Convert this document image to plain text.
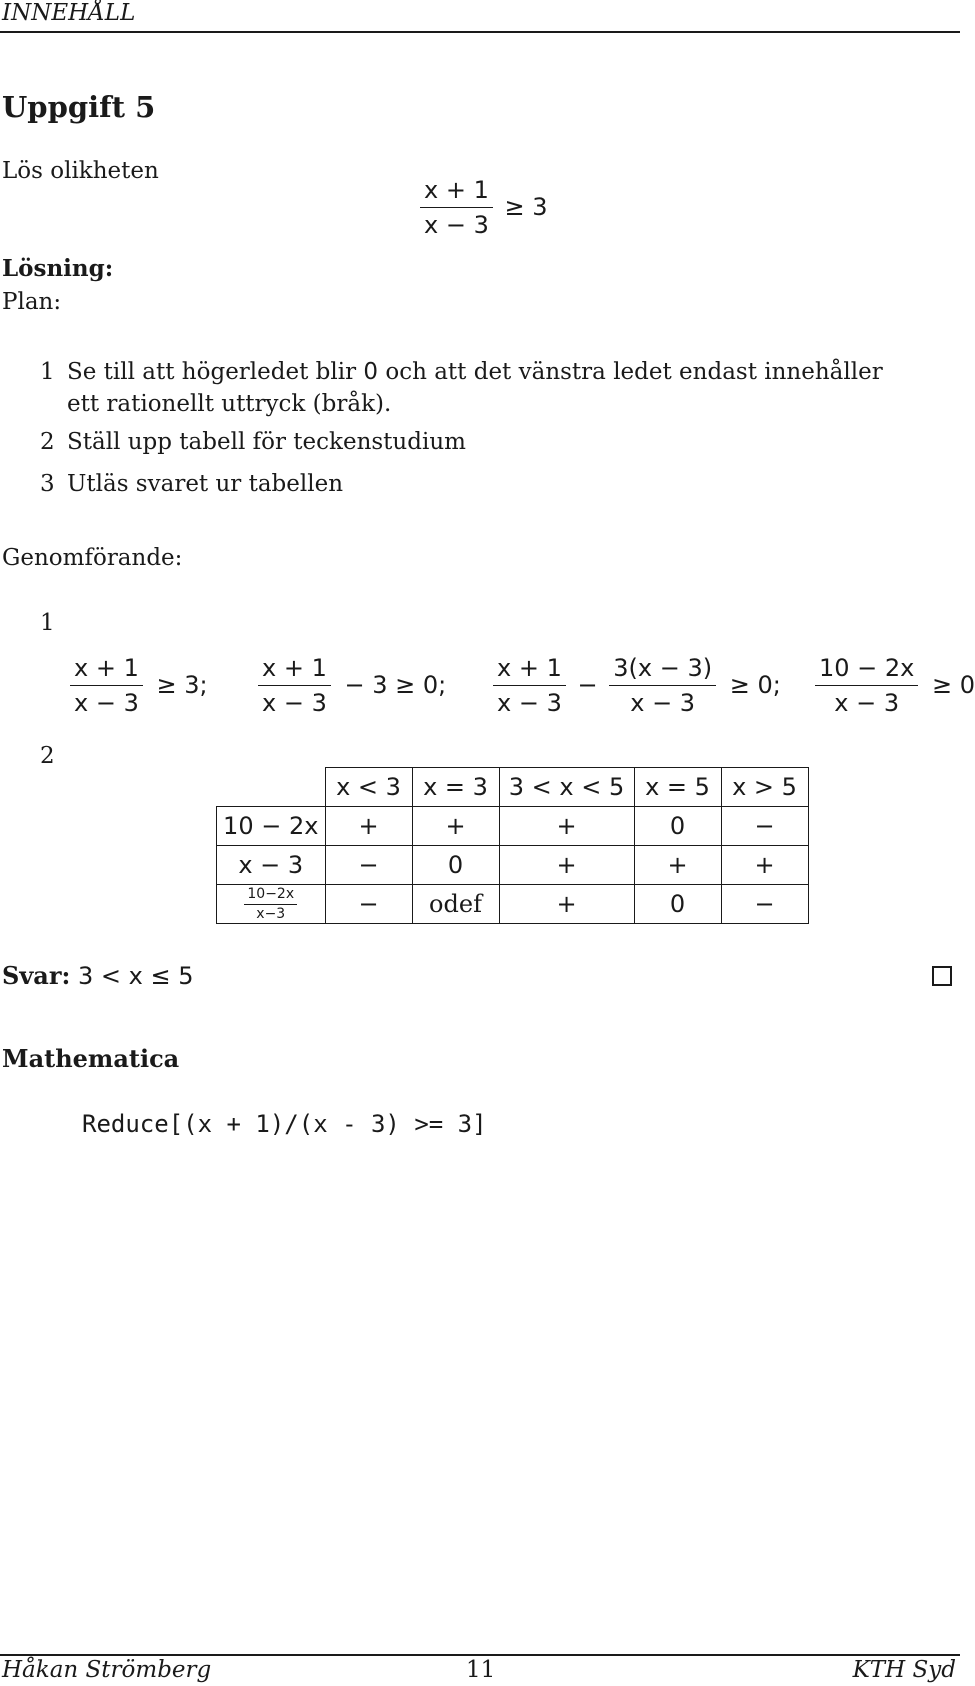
INNEHÅLL
Uppgift 5
Lös olikheten
$\frac{x + 1}{x - 3} \ge 3$
Lösning:
Plan:
1 Se till att högerledet blir 0 och att det vänstra ledet endast innehåller
ett rationellt uttryck (bråk).
2 Ställ upp tabell för teckenstudium
3 Utläs svaret ur tabellen
Genomförande:
1
$\frac{x + 1}{x - 3} \ge 3$; $\frac{x + 1}{x - 3} - 3 \ge 0$; $\frac{x + 1}{x - 3} - \frac{3(x - 3)}{x - 3} \ge 0$; $\frac{10 - 2x}{x - 3} \ge 0$
2
	x < 3	x = 3	3 < x < 5	x = 5	x > 5
10 − 2x	+	+	+	0	−
x − 3	−	0	+	+	+

$\frac{10-2x}{x-3}$	−	odef	+	0	−
Svar: 3 < x ≤ 5
Mathematica
Reduce[(x + 1)/(x - 3) >= 3]
Håkan Strömberg	11	KTH Syd
